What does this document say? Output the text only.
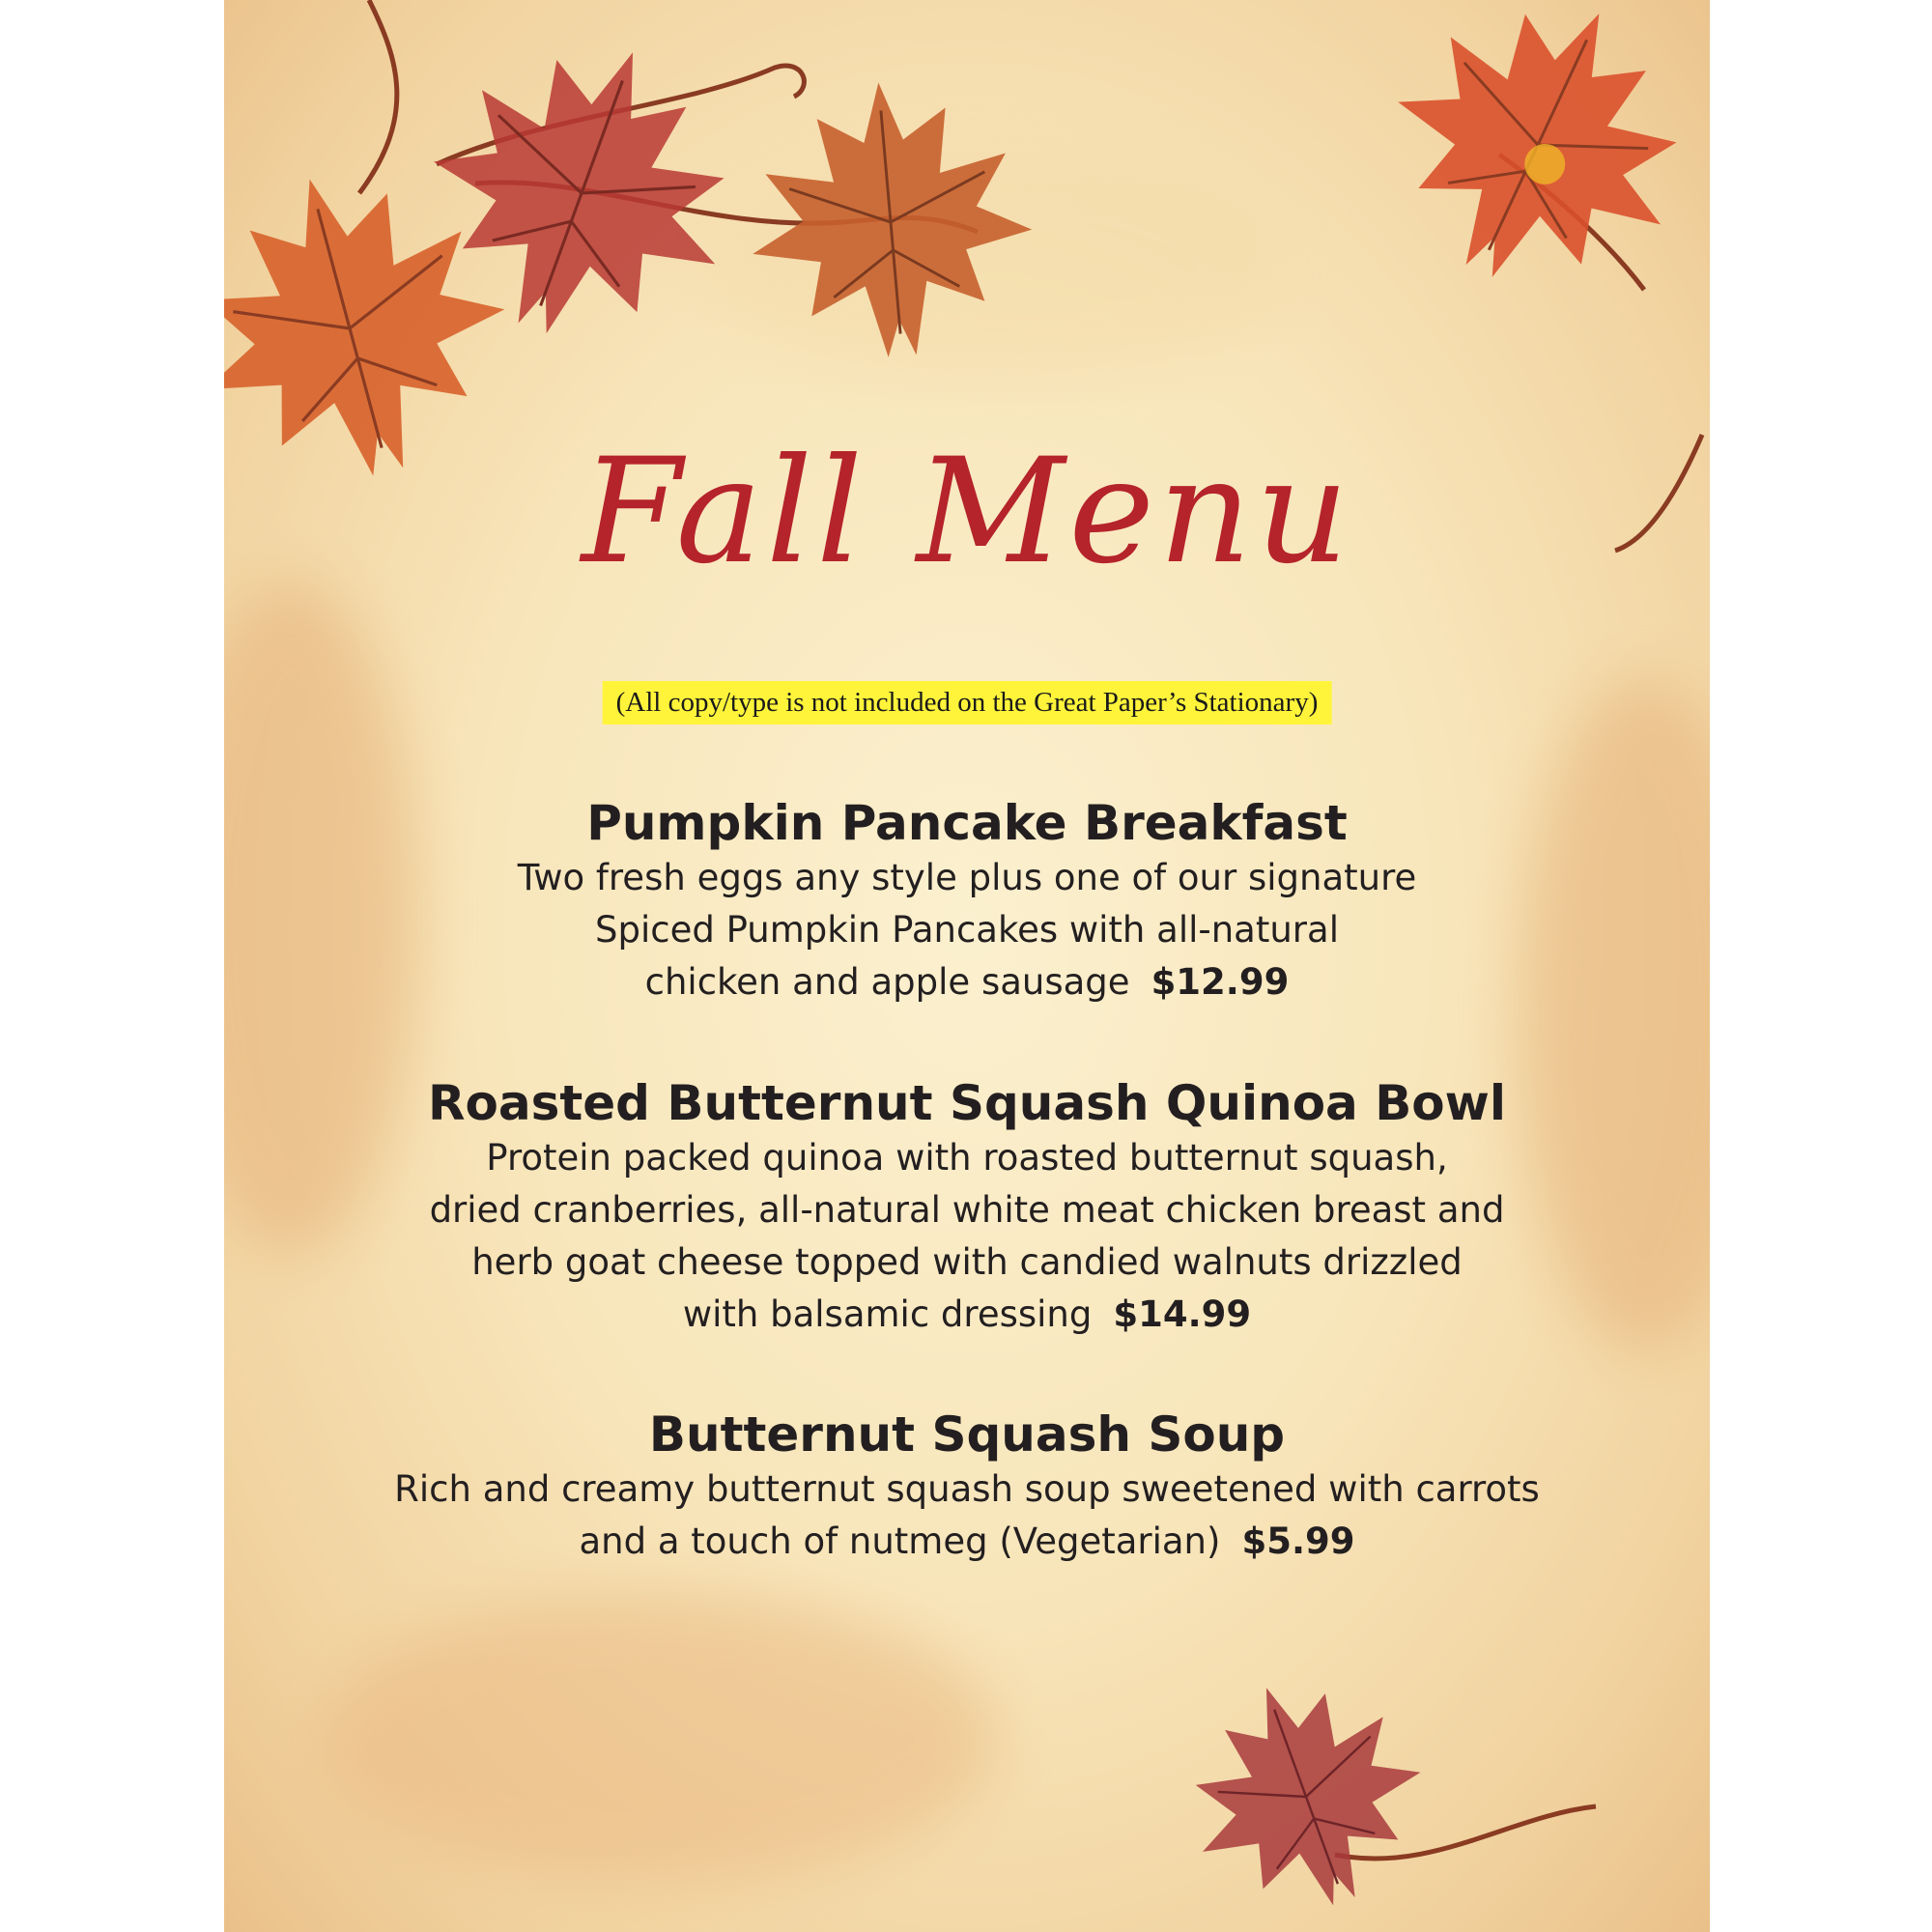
Fall Menu
(All copy/type is not included on the Great Paper’s Stationary)
Pumpkin Pancake Breakfast
Two fresh eggs any style plus one of our signature
Spiced Pumpkin Pancakes with all-natural
chicken and apple sausage $12.99
Roasted Butternut Squash Quinoa Bowl
Protein packed quinoa with roasted butternut squash,
dried cranberries, all-natural white meat chicken breast and
herb goat cheese topped with candied walnuts drizzled
with balsamic dressing $14.99
Butternut Squash Soup
Rich and creamy butternut squash soup sweetened with carrots
and a touch of nutmeg (Vegetarian) $5.99
